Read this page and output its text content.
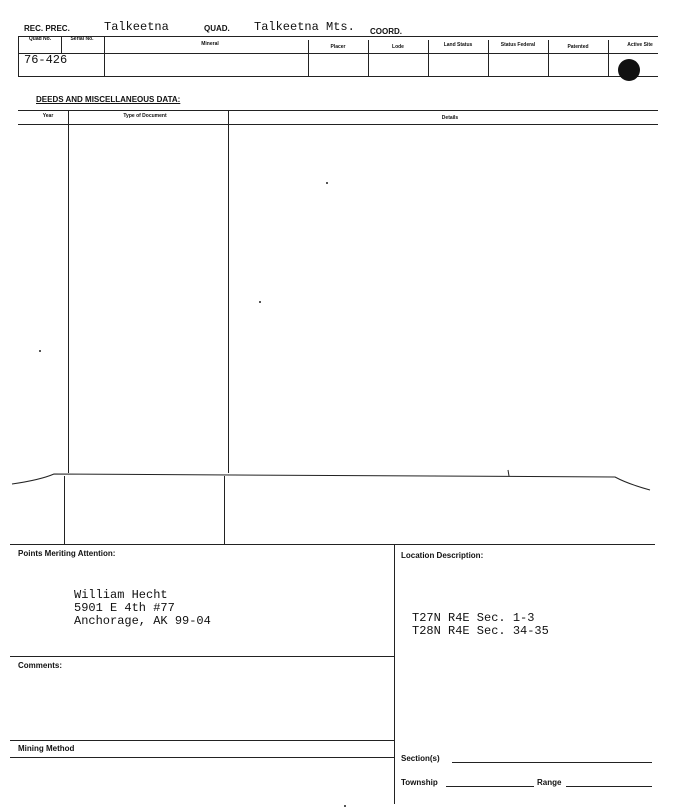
REC. PREC.	Talkeetna	QUAD. Talkeetna Mts. COORD.
Quad No.	Serial No.
Mineral	Placer	Lode	Land Status	Status Federal	Patented	Active Site
76-426
DEEDS AND MISCELLANEOUS DATA:
Year	Type of Document	Details
Points Meriting Attention:
William Hecht
5901 E 4th #77
Anchorage, AK 99-04
Location Description:
T27N R4E Sec. 1-3
T28N R4E Sec. 34-35
Comments:
Mining Method
Section(s)
Township	Range
